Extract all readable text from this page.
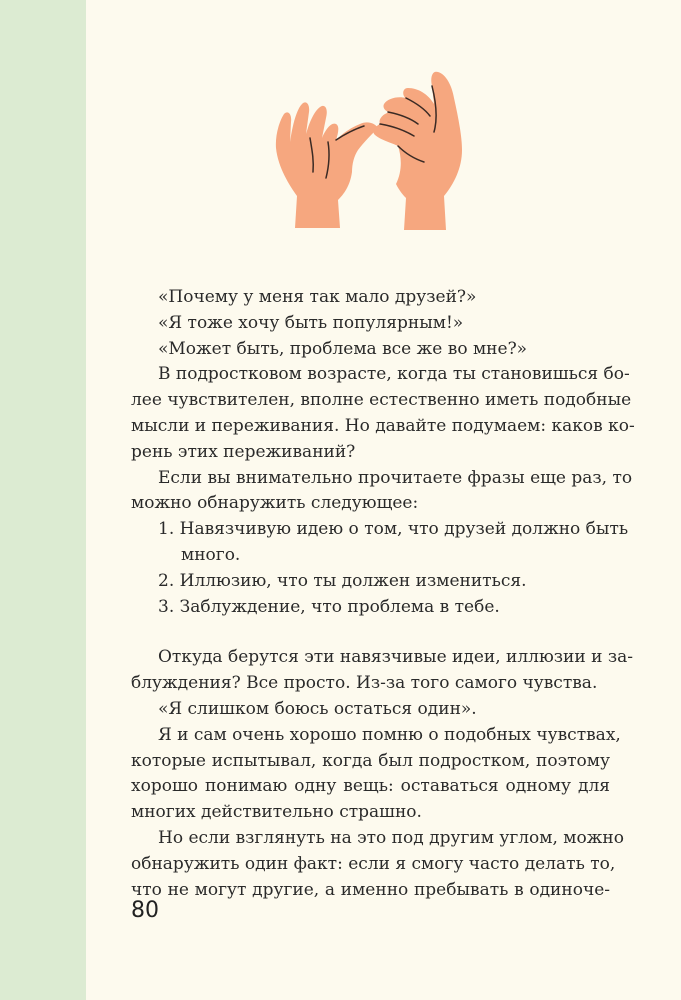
«Почему у меня так мало друзей?»
«Я тоже хочу быть популярным!»
«Может быть, проблема все же во мне?»
В подростковом возрасте, когда ты становишься бо-
лее чувствителен, вполне естественно иметь подобные
мысли и переживания. Но давайте подумаем: каков ко-
рень этих переживаний?
Если вы внимательно прочитаете фразы еще раз, то
можно обнаружить следующее:
1. Навязчивую идею о том, что друзей должно быть
много.
2. Иллюзию, что ты должен измениться.
3. Заблуждение, что проблема в тебе.
Откуда берутся эти навязчивые идеи, иллюзии и за-
блуждения? Все просто. Из-за того самого чувства.
«Я слишком боюсь остаться один».
Я и сам очень хорошо помню о подобных чувствах,
которые испытывал, когда был подростком, поэтому
хорошо понимаю одну вещь: оставаться одному для
многих действительно страшно.
Но если взглянуть на это под другим углом, можно
обнаружить один факт: если я смогу часто делать то,
что не могут другие, а именно пребывать в одиноче-
80
